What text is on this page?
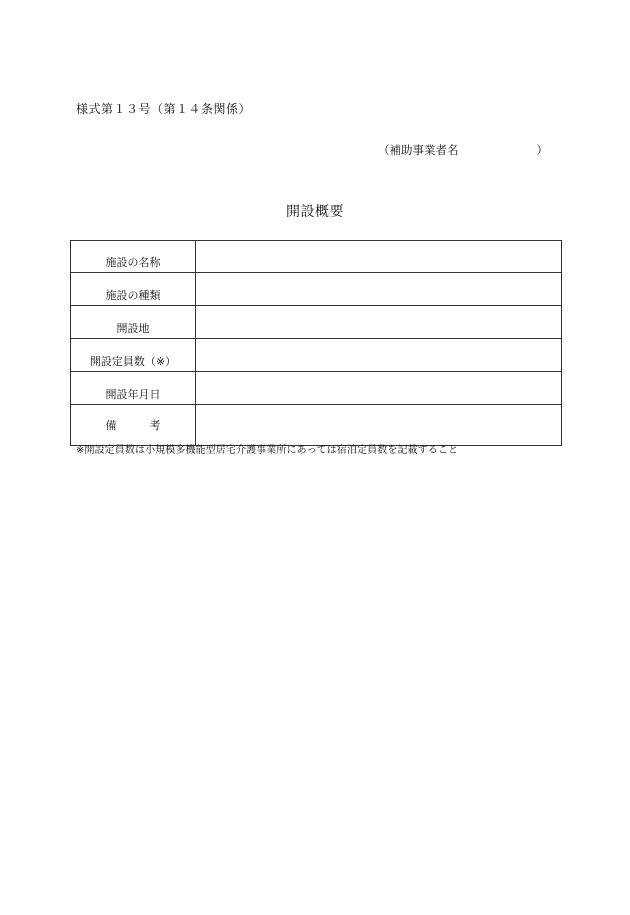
様式第１３号（第１４条関係）
（補助事業者名	）
開設概要
施設の名称	
施設の種類	
開設地	
開設定員数（※）	
開設年月日	
備　　　考	
※開設定員数は小規模多機能型居宅介護事業所にあっては宿泊定員数を記載すること
